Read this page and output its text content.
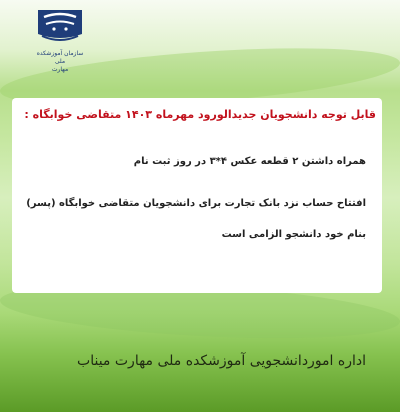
سازمان آموزشکده ملی
مهارت
قابل توجه دانشجویان جدیدالورود مهرماه ۱۴۰۳ متقاضی خوابگاه :
همراه داشتن ۲ قطعه عکس ۴*۳ در روز ثبت نام
افتتاح حساب نزد بانک تجارت برای دانشجویان متقاضی خوابگاه (پسر)
بنام خود دانشجو الزامی است
اداره اموردانشجویی آموزشکده ملی مهارت میناب
